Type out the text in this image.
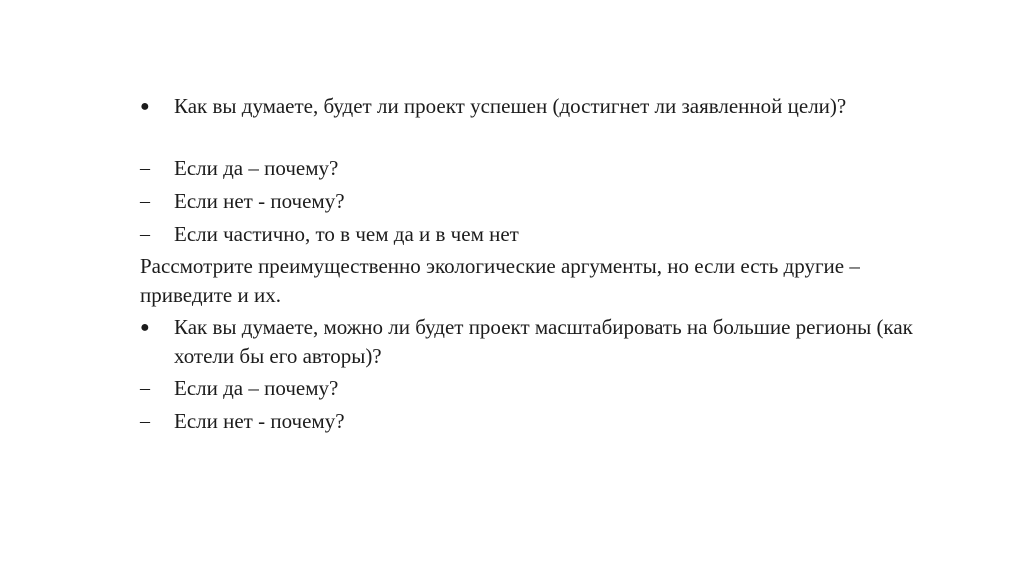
●	Как вы думаете, будет ли проект успешен (достигнет ли заявленной цели)?
–	Если да – почему?
–	Если нет - почему?
–	Если частично, то в чем да и в чем нет
Рассмотрите преимущественно экологические аргументы, но если есть другие – приведите и их.
●	Как вы думаете, можно ли будет проект масштабировать на большие регионы (как хотели бы его авторы)?
–	Если да – почему?
–	Если нет - почему?
